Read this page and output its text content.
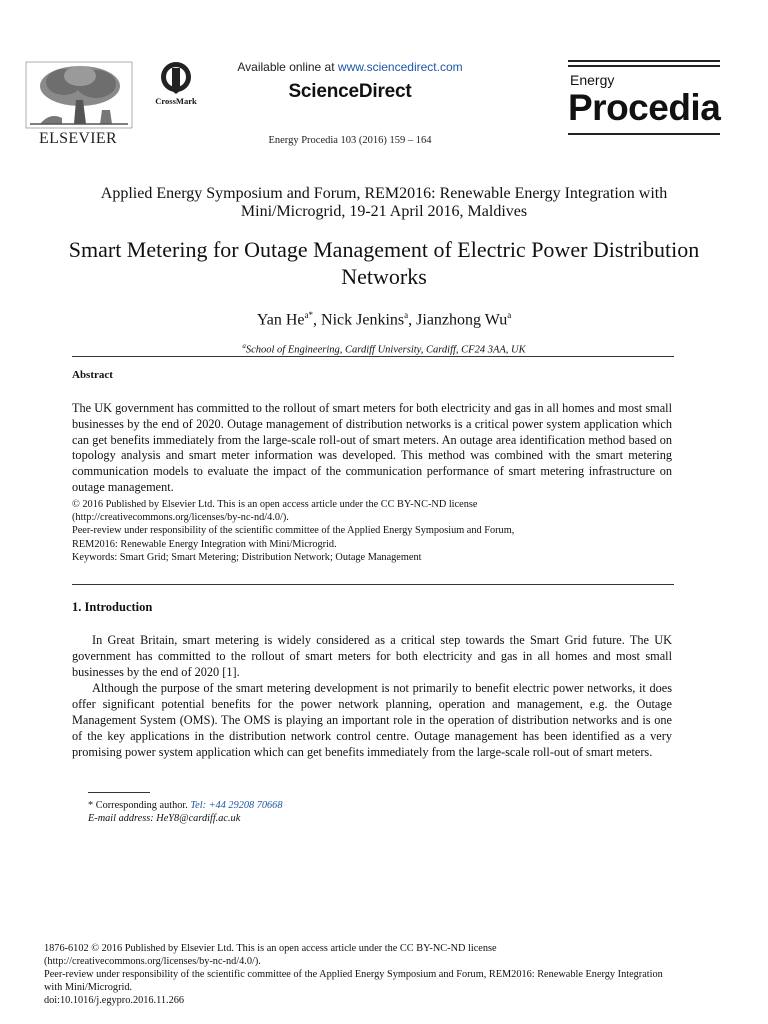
ELSEVIER
CrossMark
Available online at www.sciencedirect.com
ScienceDirect
Energy Procedia 103 (2016) 159 – 164
Energy
Procedia
Applied Energy Symposium and Forum, REM2016: Renewable Energy Integration with Mini/Microgrid, 19-21 April 2016, Maldives
Smart Metering for Outage Management of Electric Power Distribution Networks
Yan $He^{a*}$, Nick Jenkins$^a$, Jianzhong Wu$^a$
$^a$School of Engineering, Cardiff University, Cardiff, CF24 3AA, UK
Abstract
The UK government has committed to the rollout of smart meters for both electricity and gas in all homes and most small businesses by the end of 2020. Outage management of distribution networks is a critical power system application which can get benefits immediately from the large-scale roll-out of smart meters. An outage area identification method based on topology analysis and smart meter information was developed. This method was combined with the smart metering communication models to evaluate the impact of the communication performance of smart metering infrastructure on outage management.
© 2016 Published by Elsevier Ltd. This is an open access article under the CC BY-NC-ND license
(http://creativecommons.org/licenses/by-nc-nd/4.0/).
Peer-review under responsibility of the scientific committee of the Applied Energy Symposium and Forum,
REM2016: Renewable Energy Integration with Mini/Microgrid.
Keywords: Smart Grid; Smart Metering; Distribution Network; Outage Management
1. Introduction

In Great Britain, smart metering is widely considered as a critical step towards the Smart Grid future. The UK government has committed to the rollout of smart meters for both electricity and gas in all homes and most small businesses by the end of 2020 [1].

Although the purpose of the smart metering development is not primarily to benefit electric power networks, it does offer significant potential benefits for the power network planning, operation and management, e.g. the Outage Management System (OMS). The OMS is playing an important role in the operation of distribution networks and is one of the key applications in the distribution network control centre. Outage management has been identified as a very promising power system application which can get benefits immediately from the large-scale roll-out of smart meters.

* Corresponding author. Tel: +44 29208 70668
E-mail address: HeY8@cardiff.ac.uk
1876-6102 © 2016 Published by Elsevier Ltd. This is an open access article under the CC BY-NC-ND license
(http://creativecommons.org/licenses/by-nc-nd/4.0/).
Peer-review under responsibility of the scientific committee of the Applied Energy Symposium and Forum, REM2016: Renewable Energy Integration
with Mini/Microgrid.
doi:10.1016/j.egypro.2016.11.266
